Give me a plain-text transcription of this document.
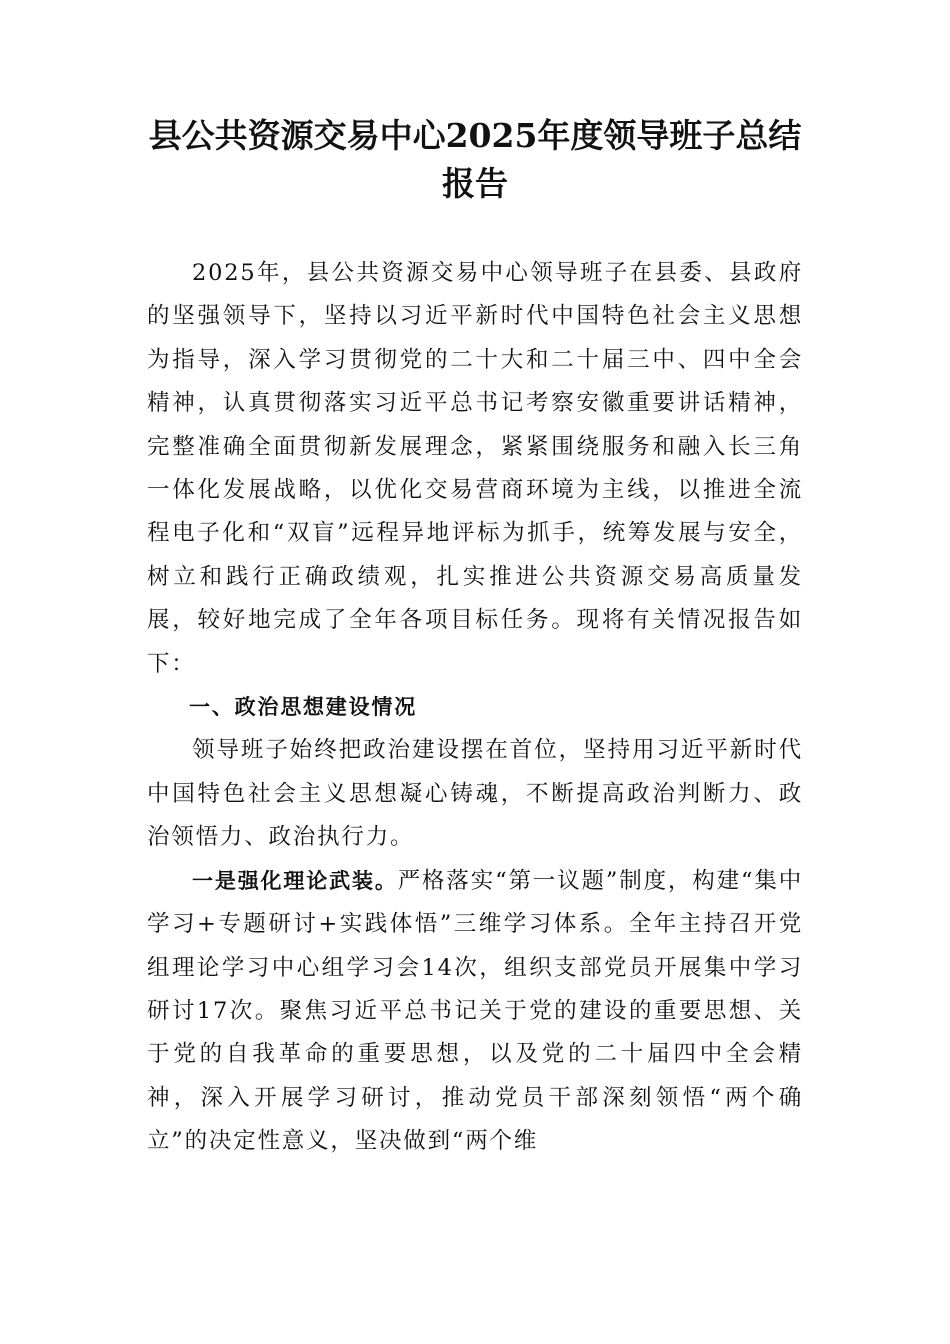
县公共资源交易中心2025年度领导班子总结报告

2025年，县公共资源交易中心领导班子在县委、县政府的坚强领导下，坚持以习近平新时代中国特色社会主义思想为指导，深入学习贯彻党的二十大和二十届三中、四中全会精神，认真贯彻落实习近平总书记考察安徽重要讲话精神，完整准确全面贯彻新发展理念，紧紧围绕服务和融入长三角一体化发展战略，以优化交易营商环境为主线，以推进全流程电子化和“双盲”远程异地评标为抓手，统筹发展与安全，树立和践行正确政绩观，扎实推进公共资源交易高质量发展，较好地完成了全年各项目标任务。现将有关情况报告如下：

一、政治思想建设情况

领导班子始终把政治建设摆在首位，坚持用习近平新时代中国特色社会主义思想凝心铸魂，不断提高政治判断力、政治领悟力、政治执行力。

一是强化理论武装。严格落实“第一议题”制度，构建“集中学习+专题研讨+实践体悟”三维学习体系。全年主持召开党组理论学习中心组学习会14次，组织支部党员开展集中学习研讨17次。聚焦习近平总书记关于党的建设的重要思想、关于党的自我革命的重要思想，以及党的二十届四中全会精神，深入开展学习研讨，推动党员干部深刻领悟“两个确立”的决定性意义，坚决做到“两个维
